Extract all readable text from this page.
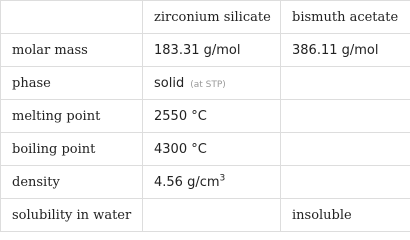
	zirconium silicate	bismuth acetate
molar mass	183.31 g/mol	386.11 g/mol
phase	solid (at STP)	
melting point	2550 °C	
boiling point	4300 °C	
density	4.56 $g/cm^3$	
solubility in water		insoluble
